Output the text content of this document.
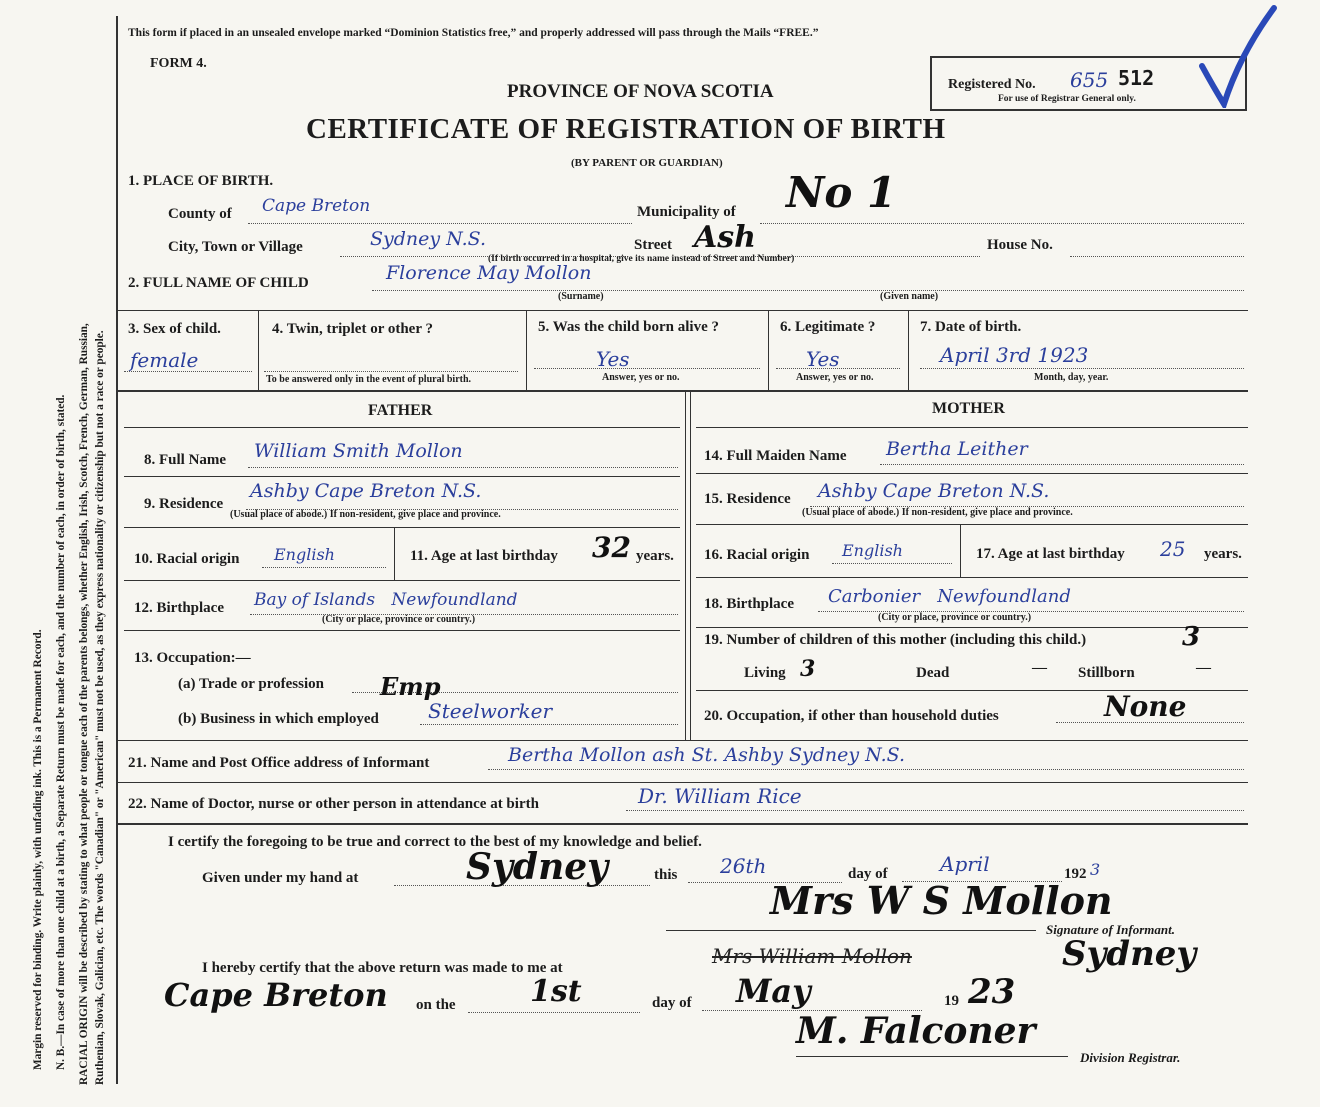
Margin reserved for binding. Write plainly, with unfading ink. This is a Permanent Record. N. B.—In case of more than one child at a birth, a Separate Return must be made for each, and the number of each, in order of birth, stated. RACIAL ORIGIN will be described by stating to what people or tongue each of the parents belongs, whether English, Irish, Scotch, French, German, Russian, Ruthenian, Slovak, Galician, etc. The words "Canadian" or "American" must not be used, as they express nationality or citizenship but not a race or people.
This form if placed in an unsealed envelope marked “Dominion Statistics free,” and properly addressed will pass through the Mails “FREE.”
FORM 4.
PROVINCE OF NOVA SCOTIA
CERTIFICATE OF REGISTRATION OF BIRTH
(BY PARENT OR GUARDIAN)
Registered No. 655 512
For use of Registrar General only.
1. PLACE OF BIRTH.
County of Cape Breton	Municipality of No 1
City, Town or Village	Sydney N.S.	Street Ash	House No.
(If birth occurred in a hospital, give its name instead of Street and Number)
2. FULL NAME OF CHILD	Florence May Mollon
(Surname)	(Given name)
3. Sex of child.
female
4. Twin, triplet or other ?
To be answered only in the event of plural birth.
5. Was the child born alive ?
Yes
Answer, yes or no.
6. Legitimate ?
Yes
Answer, yes or no.
7. Date of birth.
April 3rd 1923
Month, day, year.
FATHER	MOTHER
8. Full Name William Smith Mollon	14. Full Maiden Name Bertha Leither
9. Residence
Ashby Cape Breton N.S.
(Usual place of abode.) If non-resident, give place and province.
15. Residence Ashby Cape Breton N.S.
(Usual place of abode.) If non-resident, give place and province.
10. Racial origin English	11. Age at last birthday 32 years. 16. Racial origin English	17. Age at last birthday 25 years.
12. Birthplace Bay of Islands   Newfoundland
(City or place, province or country.)
18. Birthplace Carbonier   Newfoundland
(City or place, province or country.)
13. Occupation:—
(a) Trade or profession Emp
(b) Business in which employed Steelworker
19. Number of children of this mother (including this child.)	3
Living 3	Dead	— Stillborn	—
20. Occupation, if other than household duties	None
21. Name and Post Office address of Informant	Bertha Mollon ash St. Ashby Sydney N.S.
22. Name of Doctor, nurse or other person in attendance at birth	Dr. William Rice
I certify the foregoing to be true and correct to the best of my knowledge and belief.
Given under my hand at	Sydney	this 26th	day of	April	192 3
Mrs W S Mollon
Signature of Informant.
I hereby certify that the above return was made to me at	Mrs William Mollon	Sydney
Cape Breton on the 1st	day of May	19 23
M. Falconer
Division Registrar.
